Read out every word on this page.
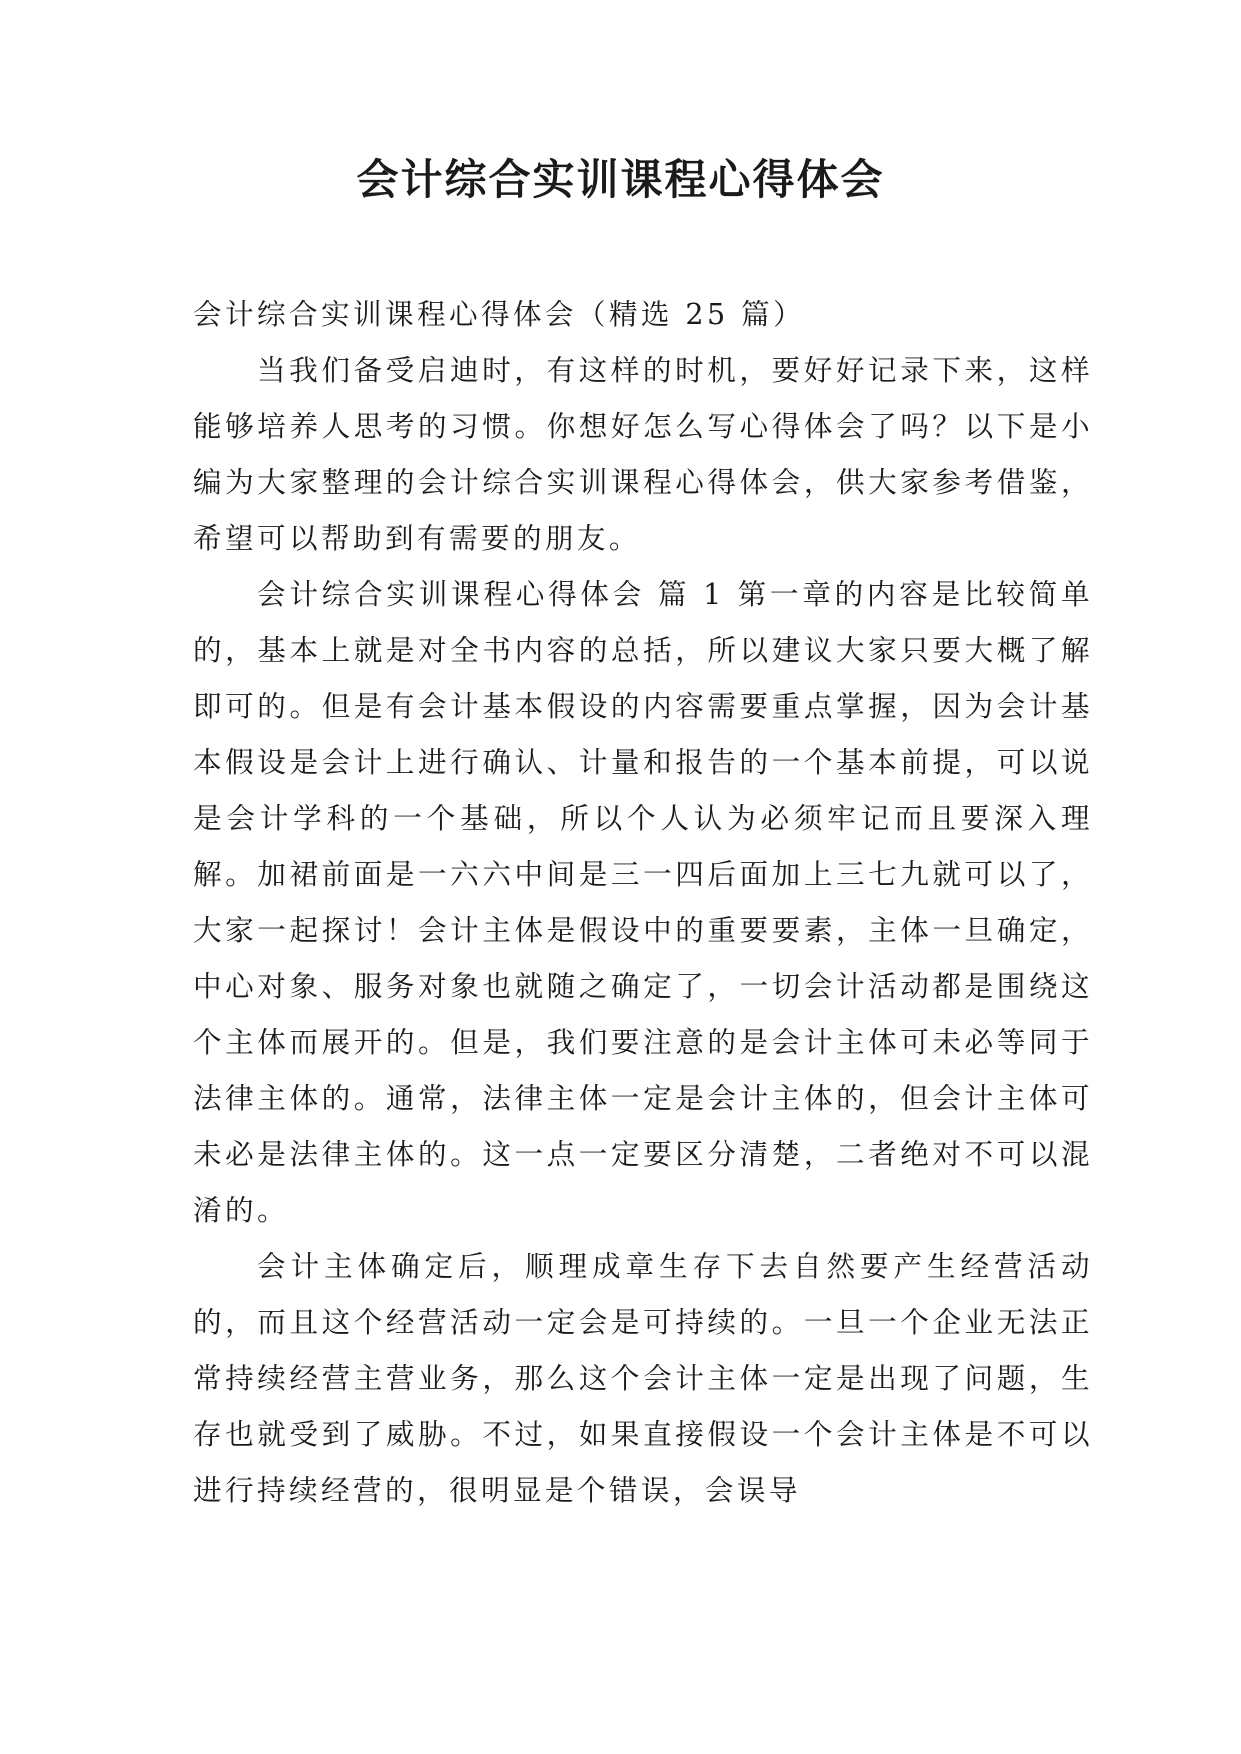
会计综合实训课程心得体会

会计综合实训课程心得体会（精选 25 篇）

当我们备受启迪时，有这样的时机，要好好记录下来，这样能够培养人思考的习惯。你想好怎么写心得体会了吗？以下是小编为大家整理的会计综合实训课程心得体会，供大家参考借鉴，希望可以帮助到有需要的朋友。

会计综合实训课程心得体会 篇 1 第一章的内容是比较简单的，基本上就是对全书内容的总括，所以建议大家只要大概了解即可的。但是有会计基本假设的内容需要重点掌握，因为会计基本假设是会计上进行确认、计量和报告的一个基本前提，可以说是会计学科的一个基础，所以个人认为必须牢记而且要深入理解。加裙前面是一六六中间是三一四后面加上三七九就可以了，大家一起探讨！会计主体是假设中的重要要素，主体一旦确定，中心对象、服务对象也就随之确定了，一切会计活动都是围绕这个主体而展开的。但是，我们要注意的是会计主体可未必等同于法律主体的。通常，法律主体一定是会计主体的，但会计主体可未必是法律主体的。这一点一定要区分清楚，二者绝对不可以混淆的。

会计主体确定后，顺理成章生存下去自然要产生经营活动的，而且这个经营活动一定会是可持续的。一旦一个企业无法正常持续经营主营业务，那么这个会计主体一定是出现了问题，生存也就受到了威胁。不过，如果直接假设一个会计主体是不可以进行持续经营的，很明显是个错误，会误导
